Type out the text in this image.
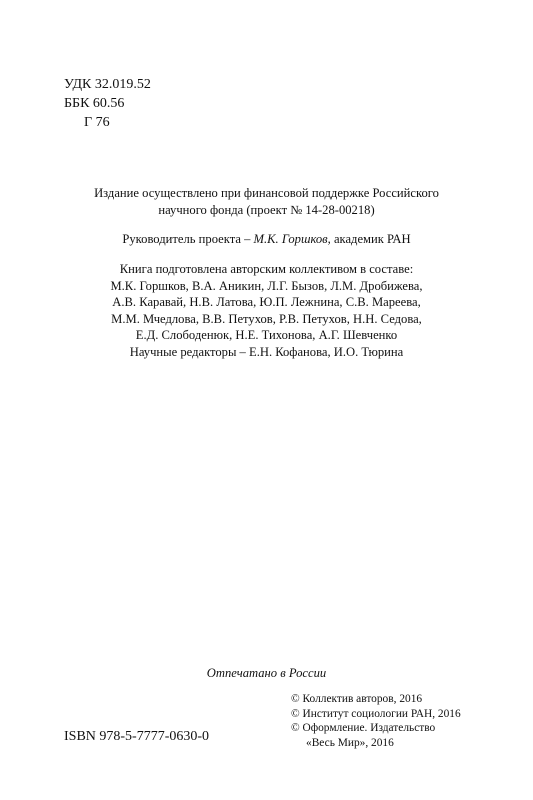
УДК 32.019.52
ББК 60.56
Г 76
Издание осуществлено при финансовой поддержке Российского
научного фонда (проект № 14-28-00218)
Руководитель проекта – М.К. Горшков, академик РАН
Книга подготовлена авторским коллективом в составе:
М.К. Горшков, В.А. Аникин, Л.Г. Бызов, Л.М. Дробижева,
А.В. Каравай, Н.В. Латова, Ю.П. Лежнина, С.В. Мареева,
М.М. Мчедлова, В.В. Петухов, Р.В. Петухов, Н.Н. Седова,
Е.Д. Слободенюк, Н.Е. Тихонова, А.Г. Шевченко
Научные редакторы – Е.Н. Кофанова, И.О. Тюрина
Отпечатано в России
© Коллектив авторов, 2016
© Институт социологии РАН, 2016
© Оформление. Издательство
«Весь Мир», 2016
ISBN 978-5-7777-0630-0
